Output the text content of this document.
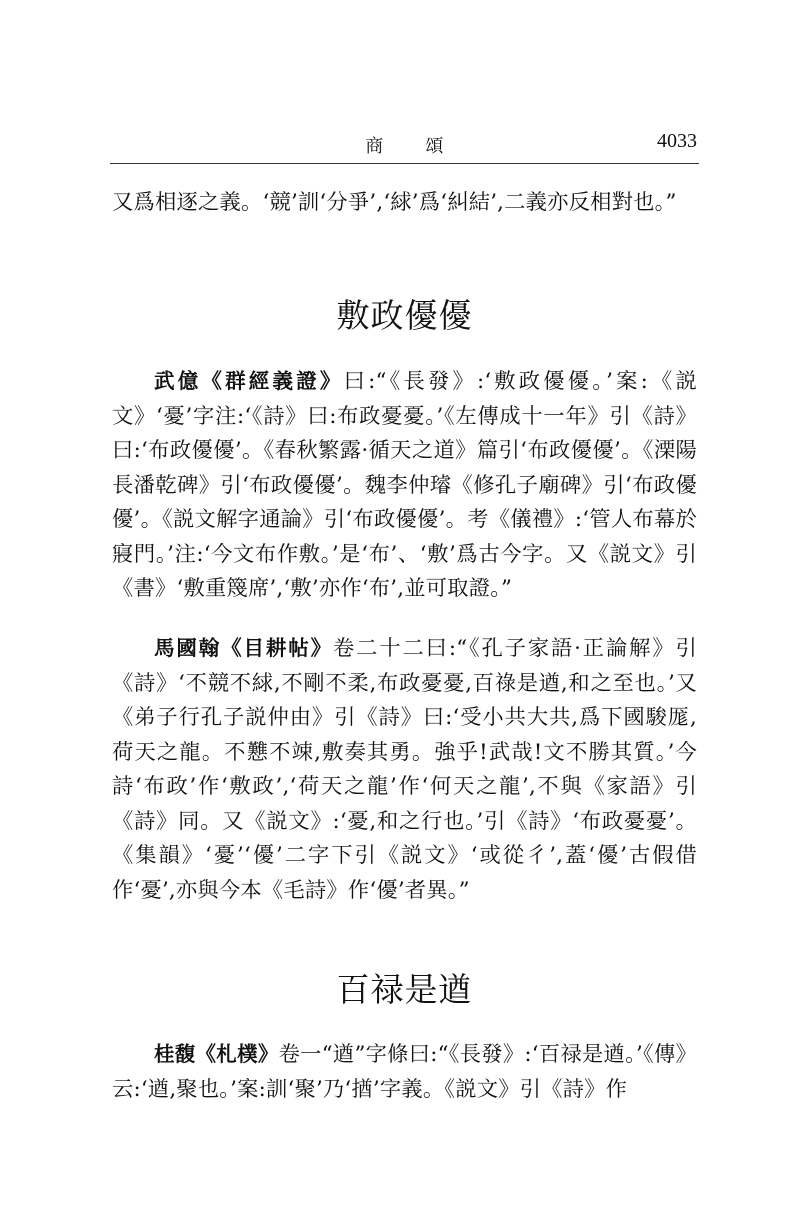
商 頌	4033

又爲相逐之義。‘競’訓‘分爭’,‘絿’爲‘糾結’,二義亦反相對也。”

敷政優優

武億《群經義證》曰:“《長發》:‘敷政優優。’案:《説文》‘憂’字注:‘《詩》曰:布政憂憂。’《左傳成十一年》引《詩》曰:‘布政優優’。《春秋繁露·循天之道》篇引‘布政優優’。《溧陽長潘乾碑》引‘布政優優’。魏李仲璿《修孔子廟碑》引‘布政優優’。《説文解字通論》引‘布政優優’。考《儀禮》:‘管人布幕於寢門。’注:‘今文布作敷。’是‘布’、‘敷’爲古今字。又《説文》引《書》‘敷重篾席’,‘敷’亦作‘布’,並可取證。”

馬國翰《目耕帖》卷二十二曰:“《孔子家語·正論解》引《詩》‘不競不絿,不剛不柔,布政憂憂,百祿是遒,和之至也。’又《弟子行孔子説仲由》引《詩》曰:‘受小共大共,爲下國駿厖,荷天之龍。不戁不竦,敷奏其勇。強乎!武哉!文不勝其質。’今詩‘布政’作‘敷政’,‘荷天之龍’作‘何天之龍’,不與《家語》引《詩》同。又《説文》:‘憂,和之行也。’引《詩》‘布政憂憂’。《集韻》‘憂’‘優’二字下引《説文》‘或從彳’,蓋‘優’古假借作‘憂’,亦與今本《毛詩》作‘優’者異。”

百禄是遒

桂馥《札樸》卷一“遒”字條曰:“《長發》:‘百禄是遒。’《傳》云:‘遒,聚也。’案:訓‘聚’乃‘揂’字義。《説文》引《詩》作
